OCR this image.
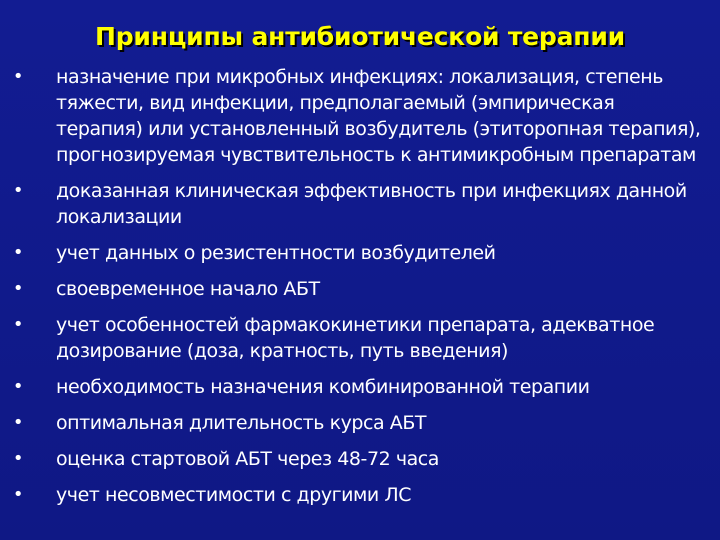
Принципы антибиотической терапии
• назначение при микробных инфекциях: локализация, степень тяжести, вид инфекции, предполагаемый (эмпирическая терапия) или установленный возбудитель (этиторопная терапия), прогнозируемая чувствительность к антимикробным препаратам
• доказанная клиническая эффективность при инфекциях данной локализации
• учет данных о резистентности возбудителей
• своевременное начало АБТ
• учет особенностей фармакокинетики препарата, адекватное дозирование (доза, кратность, путь введения)
• необходимость назначения комбинированной терапии
• оптимальная длительность курса АБТ
• оценка стартовой АБТ через 48-72 часа
• учет несовместимости с другими ЛС
